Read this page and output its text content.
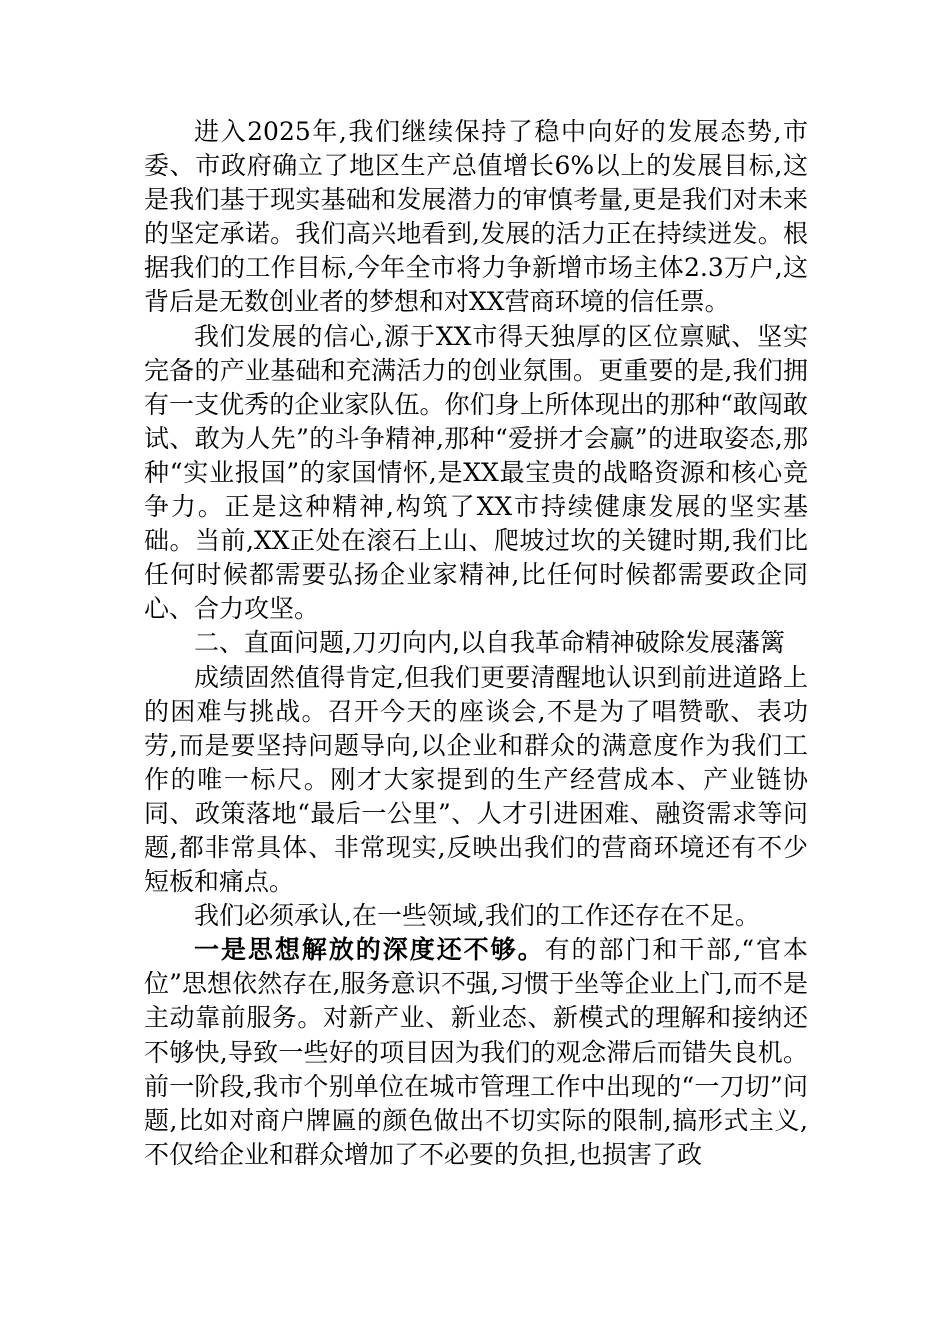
进入2025年,我们继续保持了稳中向好的发展态势,市委、市政府确立了地区生产总值增长6%以上的发展目标,这是我们基于现实基础和发展潜力的审慎考量,更是我们对未来的坚定承诺。我们高兴地看到,发展的活力正在持续迸发。根据我们的工作目标,今年全市将力争新增市场主体2.3万户,这背后是无数创业者的梦想和对XX营商环境的信任票。

我们发展的信心,源于XX市得天独厚的区位禀赋、坚实完备的产业基础和充满活力的创业氛围。更重要的是,我们拥有一支优秀的企业家队伍。你们身上所体现出的那种“敢闯敢试、敢为人先”的斗争精神,那种“爱拼才会赢”的进取姿态,那种“实业报国”的家国情怀,是XX最宝贵的战略资源和核心竞争力。正是这种精神,构筑了XX市持续健康发展的坚实基础。当前,XX正处在滚石上山、爬坡过坎的关键时期,我们比任何时候都需要弘扬企业家精神,比任何时候都需要政企同心、合力攻坚。

二、直面问题,刀刃向内,以自我革命精神破除发展藩篱

成绩固然值得肯定,但我们更要清醒地认识到前进道路上的困难与挑战。召开今天的座谈会,不是为了唱赞歌、表功劳,而是要坚持问题导向,以企业和群众的满意度作为我们工作的唯一标尺。刚才大家提到的生产经营成本、产业链协同、政策落地“最后一公里”、人才引进困难、融资需求等问题,都非常具体、非常现实,反映出我们的营商环境还有不少短板和痛点。

我们必须承认,在一些领域,我们的工作还存在不足。

一是思想解放的深度还不够。有的部门和干部,“官本位”思想依然存在,服务意识不强,习惯于坐等企业上门,而不是主动靠前服务。对新产业、新业态、新模式的理解和接纳还不够快,导致一些好的项目因为我们的观念滞后而错失良机。前一阶段,我市个别单位在城市管理工作中出现的“一刀切”问题,比如对商户牌匾的颜色做出不切实际的限制,搞形式主义,不仅给企业和群众增加了不必要的负担,也损害了政
